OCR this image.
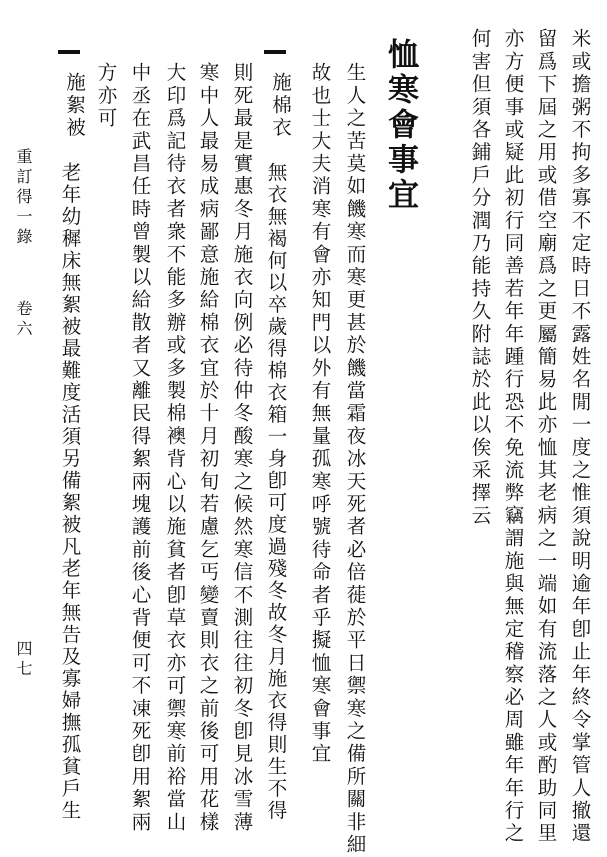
米或擔粥不拘多寡不定時日不露姓名閒一度之惟須說明逾年卽止年終令掌管人撤還
留爲下屆之用或借空廟爲之更屬簡易此亦恤其老病之一端如有流落之人或酌助同里
亦方便事或疑此初行同善若年年踵行恐不免流弊竊謂施與無定稽察必周雖年年行之
何害但須各鋪戶分潤乃能持久附誌於此以俟采擇云
恤寒會事宜
生人之苦莫如饑寒而寒更甚於饑當霜夜冰天死者必倍蓰於平日禦寒之備所關非細
故也士大夫消寒有會亦知門以外有無量孤寒呼號待命者乎擬恤寒會事宜
施棉衣
無衣無褐何以卒歲得棉衣箱一身卽可度過殘冬故冬月施衣得則生不得
則死最是實惠冬月施衣向例必待仲冬酸寒之候然寒信不測往往初冬卽見冰雪薄
寒中人最易成病鄙意施給棉衣宜於十月初旬若慮乞丐變賣則衣之前後可用花樣
大印爲記待衣者衆不能多辦或多製棉襖背心以施貧者卽草衣亦可禦寒前裕當山
中丞在武昌任時曾製以給散者又離民得絮兩塊護前後心背便可不凍死卽用絮兩
方亦可
施絮被
老年幼穉床無絮被最難度活須另備絮被凡老年無告及寡婦撫孤貧戶生
重訂得一錄
卷六
四七
